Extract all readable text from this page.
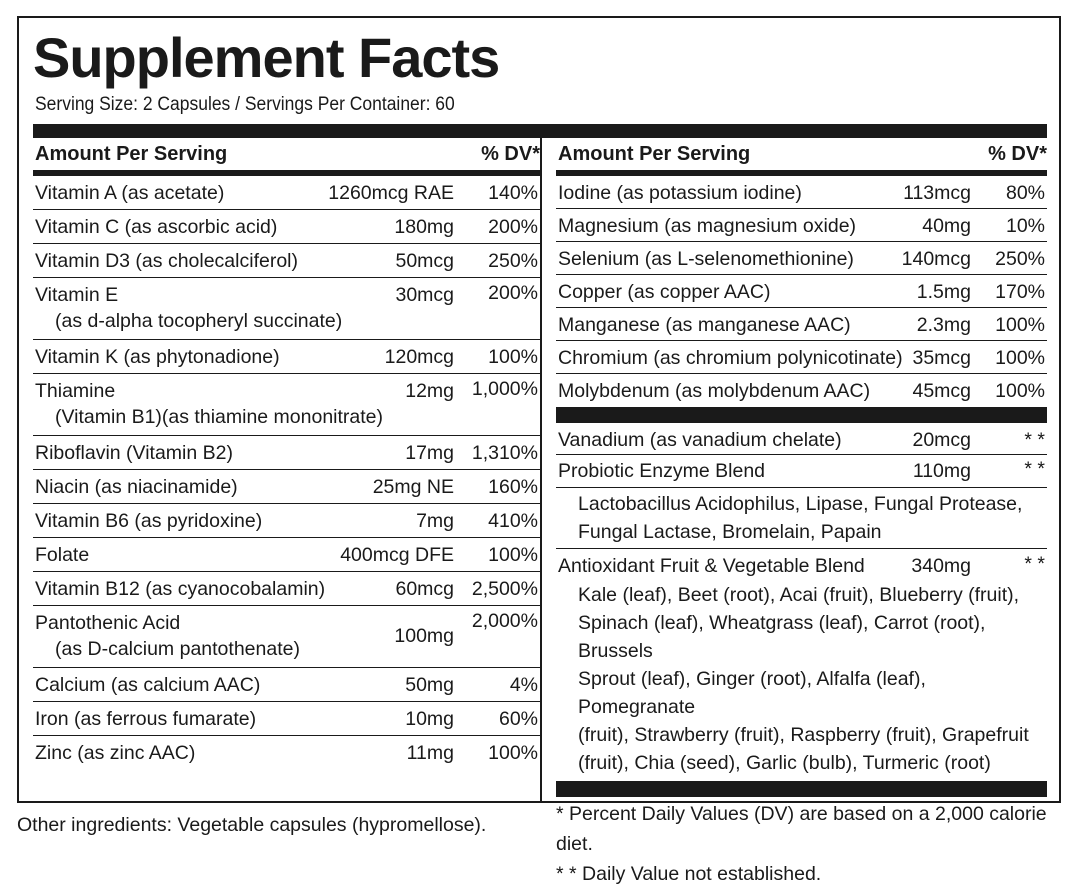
Supplement Facts
Serving Size: 2 Capsules / Servings Per Container: 60
Amount Per Serving	% DV*
Vitamin A (as acetate)	1260mcg RAE 140%
Vitamin C (as ascorbic acid)	180mg 200%
Vitamin D3 (as cholecalciferol)	50mcg 250%
Vitamin E
(as d-alpha tocopheryl succinate)
30mcg 200%
Vitamin K (as phytonadione)	120mcg 100%
Thiamine
(Vitamin B1)(as thiamine mononitrate)
12mg 1,000%
Riboflavin (Vitamin B2)	17mg 1,310%
Niacin (as niacinamide)	25mg NE 160%
Vitamin B6 (as pyridoxine)	7mg 410%
Folate	400mcg DFE 100%
Vitamin B12 (as cyanocobalamin)	60mcg 2,500%
Pantothenic Acid
(as D-calcium pantothenate)
100mg
2,000%
Calcium (as calcium AAC)	50mg	4%
Iron (as ferrous fumarate)	10mg 60%
Zinc (as zinc AAC)	11mg 100%
Amount Per Serving	% DV*
Iodine (as potassium iodine)	113mcg 80%
Magnesium (as magnesium oxide)	40mg 10%
Selenium (as L-selenomethionine) 140mcg 250%
Copper (as copper AAC)	1.5mg 170%
Manganese (as manganese AAC)	2.3mg 100%
Chromium (as chromium polynicotinate) 35mcg 100%
Molybdenum (as molybdenum AAC) 45mcg 100%
Vanadium (as vanadium chelate)	20mcg	* *
Probiotic Enzyme Blend	110mg	* *
Lactobacillus Acidophilus, Lipase, Fungal Protease,
Fungal Lactase, Bromelain, Papain
Antioxidant Fruit & Vegetable Blend 340mg	* *
Kale (leaf), Beet (root), Acai (fruit), Blueberry (fruit),
Spinach (leaf), Wheatgrass (leaf), Carrot (root), Brussels
Sprout (leaf), Ginger (root), Alfalfa (leaf), Pomegranate
(fruit), Strawberry (fruit), Raspberry (fruit), Grapefruit
(fruit), Chia (seed), Garlic (bulb), Turmeric (root)
* Percent Daily Values (DV) are based on a 2,000 calorie diet.
* * Daily Value not established.
Other ingredients: Vegetable capsules (hypromellose).
